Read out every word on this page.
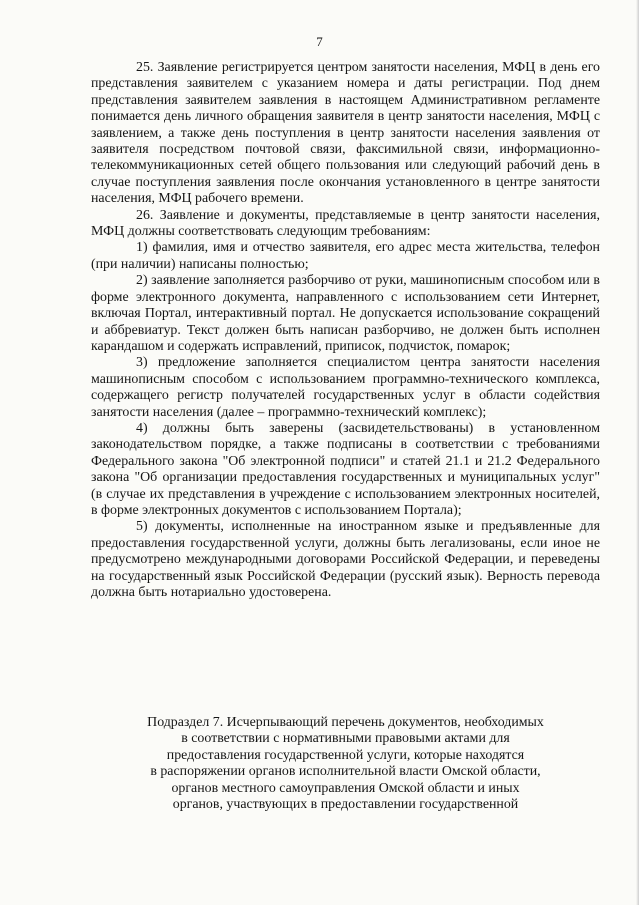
7

25. Заявление регистрируется центром занятости населения, МФЦ в день его представления заявителем с указанием номера и даты регистрации. Под днем представления заявителем заявления в настоящем Административном регламенте понимается день личного обращения заявителя в центр занятости населения, МФЦ с заявлением, а также день поступления в центр занятости населения заявления от заявителя посредством почтовой связи, факсимильной связи, информационно-телекоммуникационных сетей общего пользования или следующий рабочий день в случае поступления заявления после окончания установленного в центре занятости населения, МФЦ рабочего времени.

26. Заявление и документы, представляемые в центр занятости населения, МФЦ должны соответствовать следующим требованиям:

1) фамилия, имя и отчество заявителя, его адрес места жительства, телефон (при наличии) написаны полностью;

2) заявление заполняется разборчиво от руки, машинописным способом или в форме электронного документа, направленного с использованием сети Интернет, включая Портал, интерактивный портал. Не допускается использование сокращений и аббревиатур. Текст должен быть написан разборчиво, не должен быть исполнен карандашом и содержать исправлений, приписок, подчисток, помарок;

3) предложение заполняется специалистом центра занятости населения машинописным способом с использованием программно-технического комплекса, содержащего регистр получателей государственных услуг в области содействия занятости населения (далее – программно-технический комплекс);

4) должны быть заверены (засвидетельствованы) в установленном законодательством порядке, а также подписаны в соответствии с требованиями Федерального закона "Об электронной подписи" и статей 21.1 и 21.2 Федерального закона "Об организации предоставления государственных и муниципальных услуг" (в случае их представления в учреждение с использованием электронных носителей, в форме электронных документов с использованием Портала);

5) документы, исполненные на иностранном языке и предъявленные для предоставления государственной услуги, должны быть легализованы, если иное не предусмотрено международными договорами Российской Федерации, и переведены на государственный язык Российской Федерации (русский язык). Верность перевода должна быть нотариально удостоверена.

Подраздел 7. Исчерпывающий перечень документов, необходимых
в соответствии с нормативными правовыми актами для
предоставления государственной услуги, которые находятся
в распоряжении органов исполнительной власти Омской области,
органов местного самоуправления Омской области и иных
органов, участвующих в предоставлении государственной
